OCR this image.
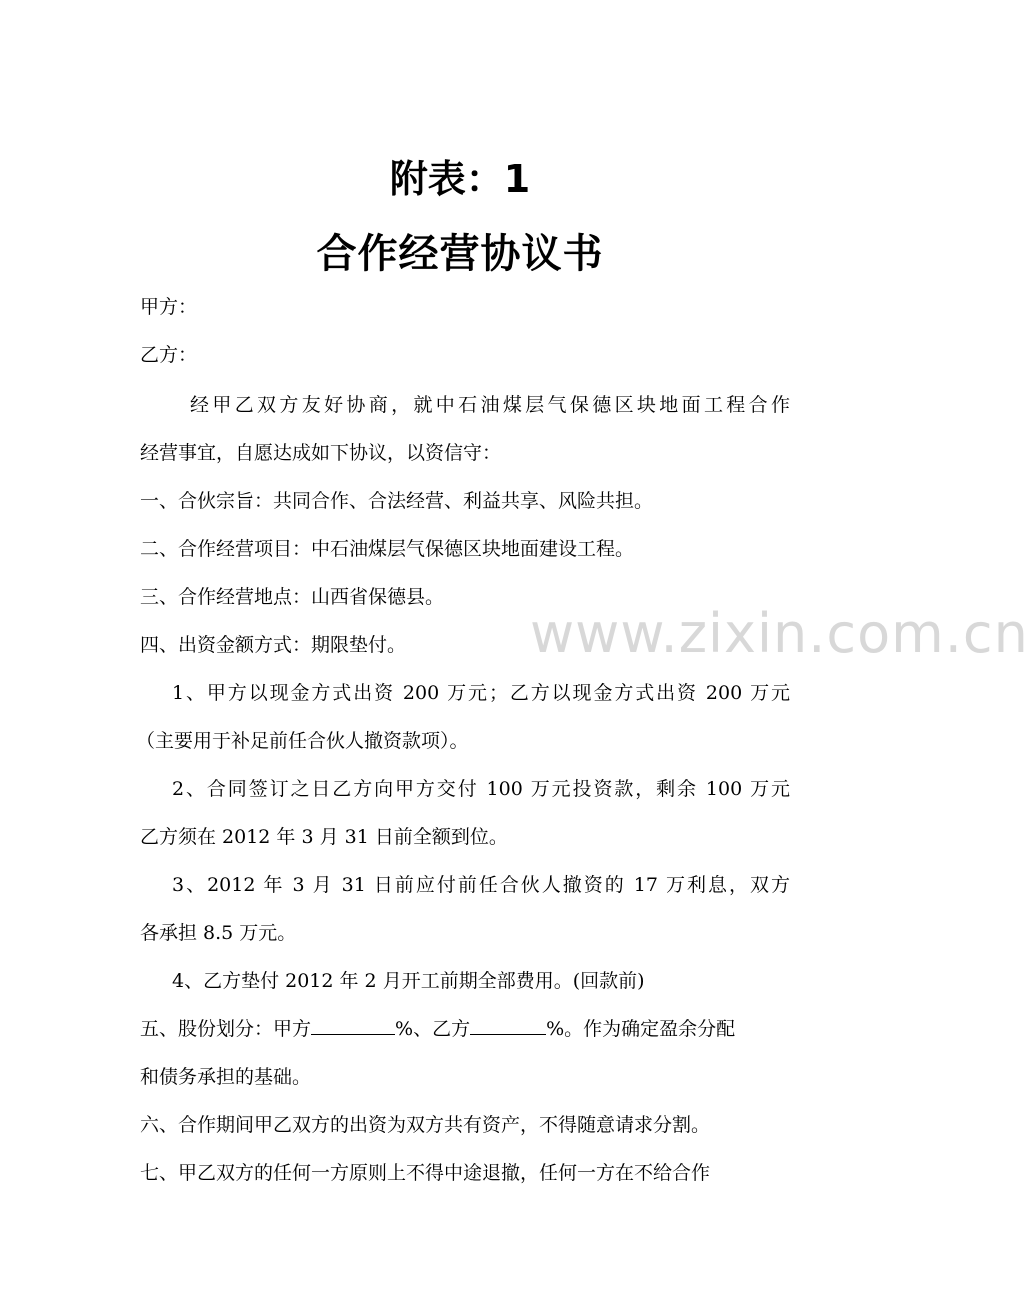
附表：1
合作经营协议书
www.zixin.com.cn
甲方：
乙方：
经甲乙双方友好协商，就中石油煤层气保德区块地面工程合作
经营事宜，自愿达成如下协议，以资信守：
一、合伙宗旨：共同合作、合法经营、利益共享、风险共担。
二、合作经营项目：中石油煤层气保德区块地面建设工程。
三、合作经营地点：山西省保德县。
四、出资金额方式：期限垫付。
1、甲方以现金方式出资 200 万元；乙方以现金方式出资 200 万元
（主要用于补足前任合伙人撤资款项）。
2、合同签订之日乙方向甲方交付 100 万元投资款，剩余 100 万元
乙方须在 2012 年 3 月 31 日前全额到位。
3、2012 年 3 月 31 日前应付前任合伙人撤资的 17 万利息，双方
各承担 8.5 万元。
4、乙方垫付 2012 年 2 月开工前期全部费用。(回款前)
五、股份划分：甲方	%、乙方	%。作为确定盈余分配
和债务承担的基础。
六、合作期间甲乙双方的出资为双方共有资产，不得随意请求分割。
七、甲乙双方的任何一方原则上不得中途退撤，任何一方在不给合作
